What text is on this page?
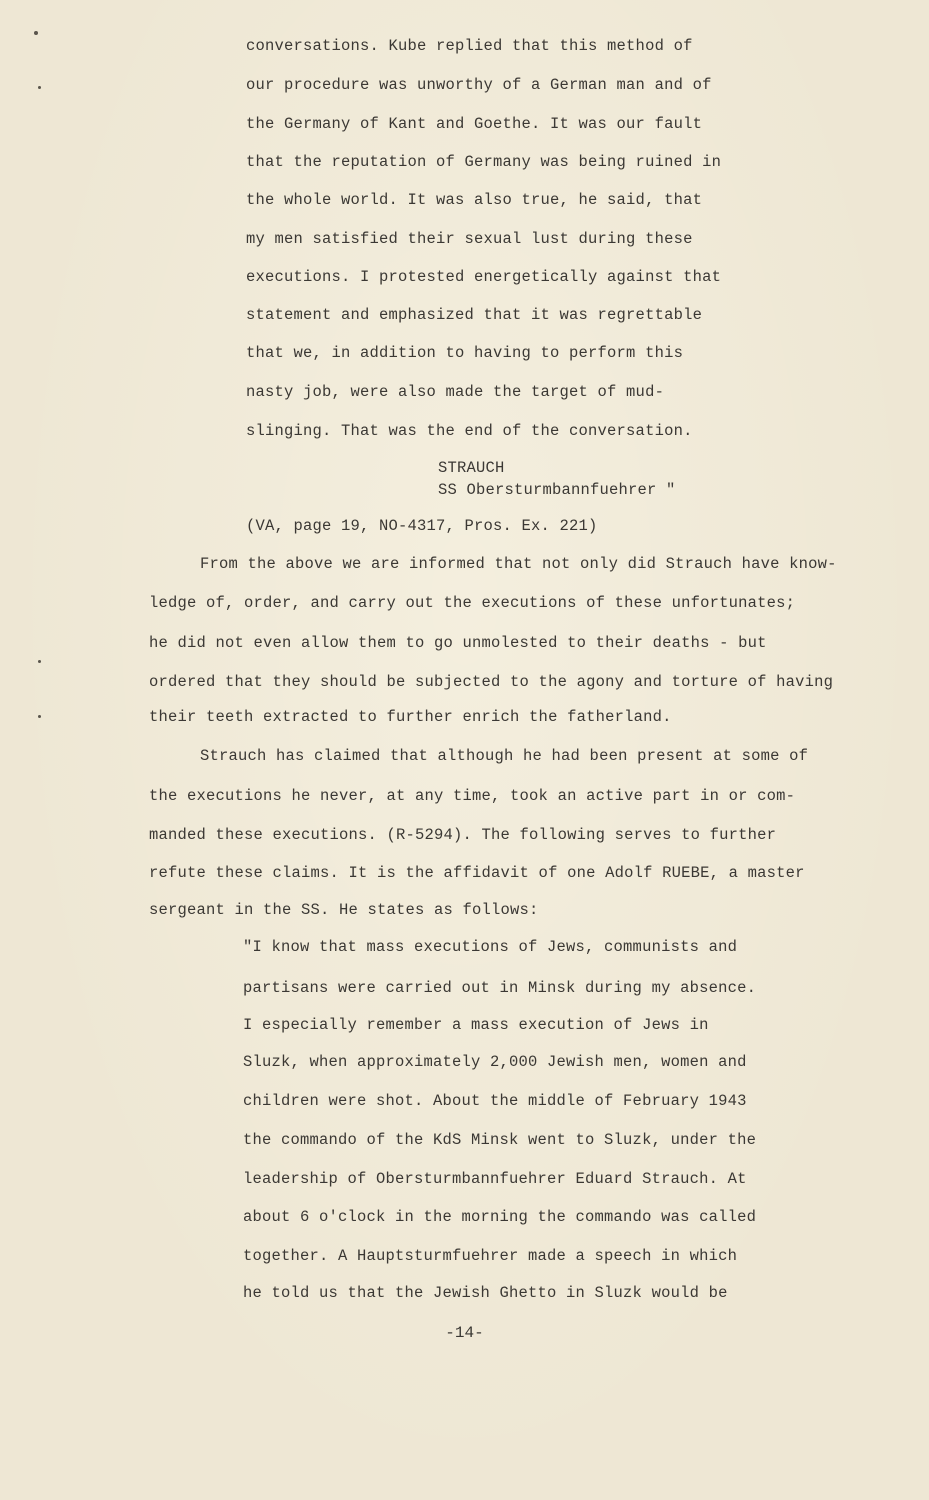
conversations. Kube replied that this method of
our procedure was unworthy of a German man and of
the Germany of Kant and Goethe. It was our fault
that the reputation of Germany was being ruined in
the whole world. It was also true, he said, that
my men satisfied their sexual lust during these
executions. I protested energetically against that
statement and emphasized that it was regrettable
that we, in addition to having to perform this
nasty job, were also made the target of mud-
slinging. That was the end of the conversation.
STRAUCH
SS Obersturmbannfuehrer "
(VA, page 19, NO-4317, Pros. Ex. 221)
From the above we are informed that not only did Strauch have know-
ledge of, order, and carry out the executions of these unfortunates;
he did not even allow them to go unmolested to their deaths - but
ordered that they should be subjected to the agony and torture of having
their teeth extracted to further enrich the fatherland.
Strauch has claimed that although he had been present at some of
the executions he never, at any time, took an active part in or com-
manded these executions. (R-5294). The following serves to further
refute these claims. It is the affidavit of one Adolf RUEBE, a master
sergeant in the SS. He states as follows:
"I know that mass executions of Jews, communists and
partisans were carried out in Minsk during my absence.
I especially remember a mass execution of Jews in
Sluzk, when approximately 2,000 Jewish men, women and
children were shot. About the middle of February 1943
the commando of the KdS Minsk went to Sluzk, under the
leadership of Obersturmbannfuehrer Eduard Strauch. At
about 6 o'clock in the morning the commando was called
together. A Hauptsturmfuehrer made a speech in which
he told us that the Jewish Ghetto in Sluzk would be
-14-
